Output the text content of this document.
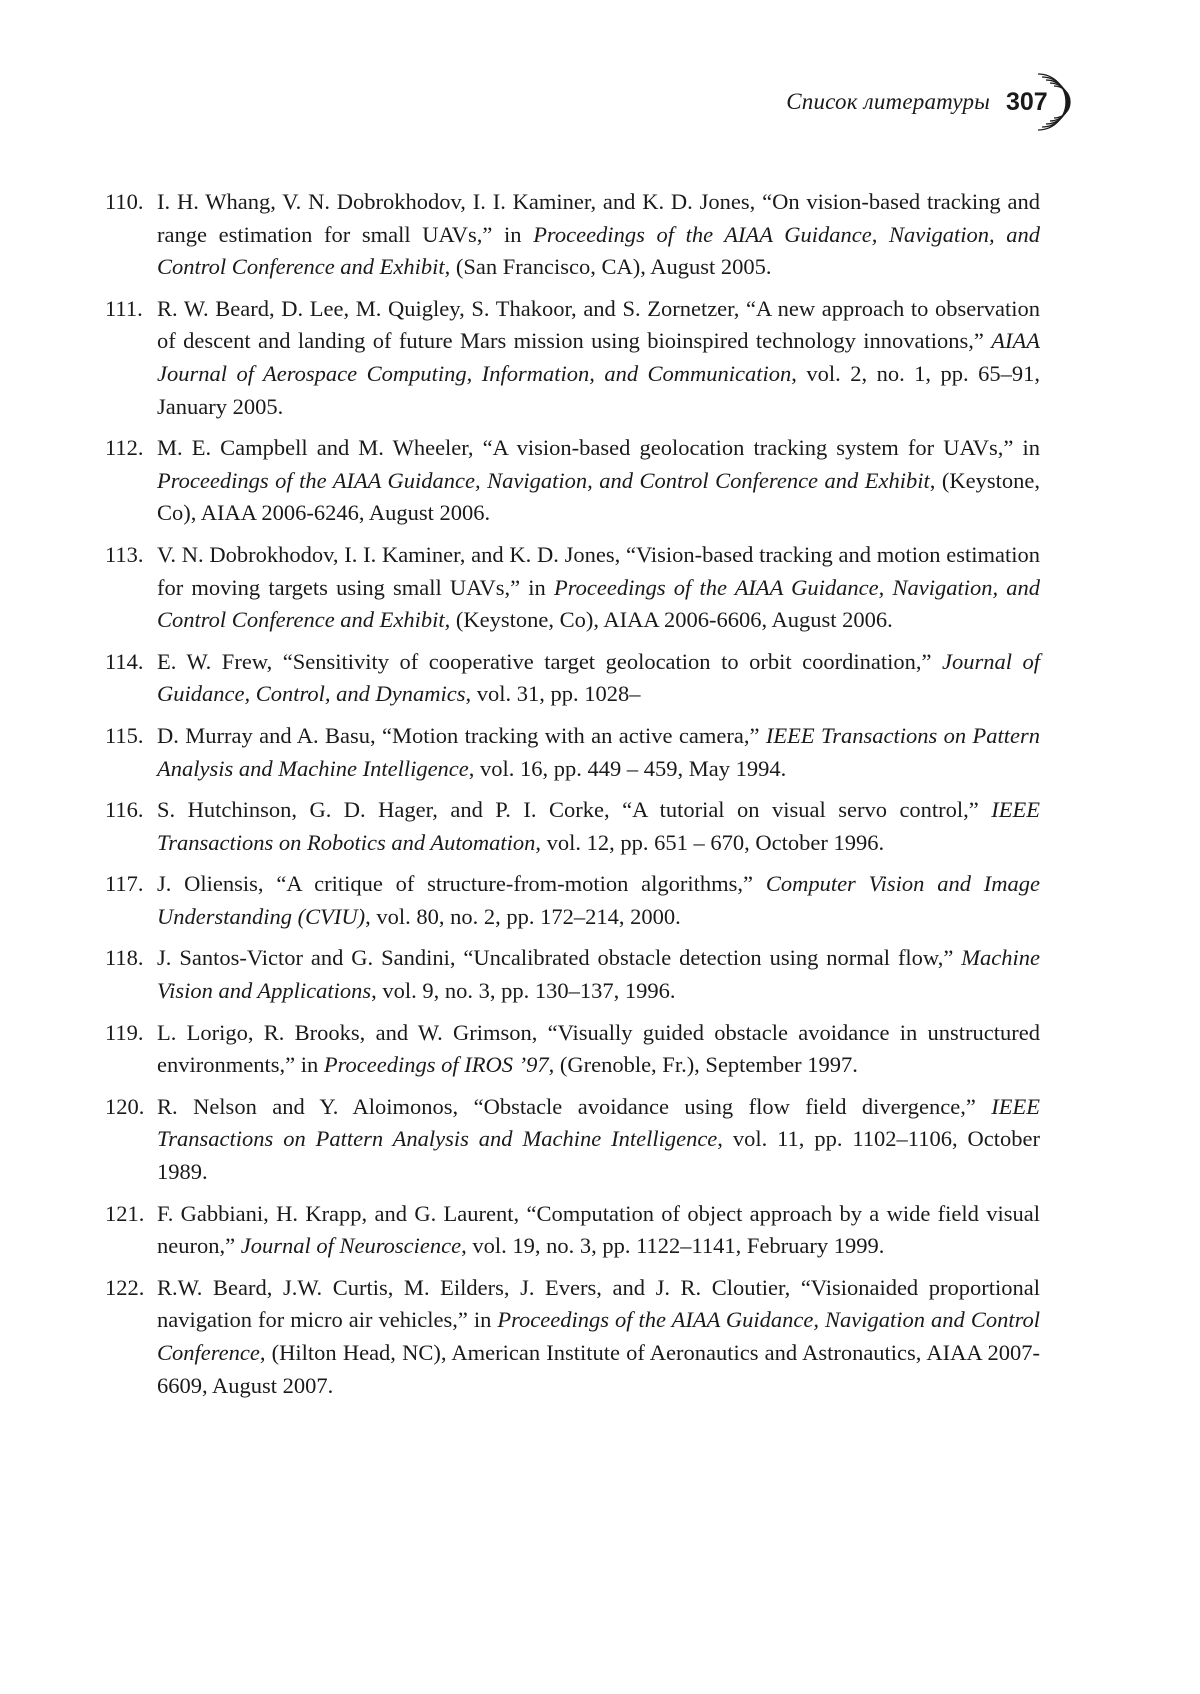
Список литературы 307
110. I. H. Whang, V. N. Dobrokhodov, I. I. Kaminer, and K. D. Jones, “On vision-based tracking and range estimation for small UAVs,” in Proceedings of the AIAA Guidance, Navigation, and Control Conference and Exhibit, (San Francisco, CA), August 2005.
111. R. W. Beard, D. Lee, M. Quigley, S. Thakoor, and S. Zornetzer, “A new approach to observation of descent and landing of future Mars mission using bioinspired technology innovations,” AIAA Journal of Aerospace Computing, Information, and Communication, vol. 2, no. 1, pp. 65–91, January 2005.
112. M. E. Campbell and M. Wheeler, “A vision-based geolocation tracking system for UAVs,” in Proceedings of the AIAA Guidance, Navigation, and Control Conference and Exhibit, (Keystone, Co), AIAA 2006-6246, August 2006.
113. V. N. Dobrokhodov, I. I. Kaminer, and K. D. Jones, “Vision-based tracking and motion estimation for moving targets using small UAVs,” in Proceedings of the AIAA Guidance, Navigation, and Control Conference and Exhibit, (Keystone, Co), AIAA 2006-6606, August 2006.
114. E. W. Frew, “Sensitivity of cooperative target geolocation to orbit coordination,” Journal of Guidance, Control, and Dynamics, vol. 31, pp. 1028–
115. D. Murray and A. Basu, “Motion tracking with an active camera,” IEEE Transactions on Pattern Analysis and Machine Intelligence, vol. 16, pp. 449 – 459, May 1994.
116. S. Hutchinson, G. D. Hager, and P. I. Corke, “A tutorial on visual servo control,” IEEE Transactions on Robotics and Automation, vol. 12, pp. 651 – 670, October 1996.
117. J. Oliensis, “A critique of structure-from-motion algorithms,” Computer Vision and Image Understanding (CVIU), vol. 80, no. 2, pp. 172–214, 2000.
118. J. Santos-Victor and G. Sandini, “Uncalibrated obstacle detection using normal flow,” Machine Vision and Applications, vol. 9, no. 3, pp. 130–137, 1996.
119. L. Lorigo, R. Brooks, and W. Grimson, “Visually guided obstacle avoidance in unstructured environments,” in Proceedings of IROS ’97, (Grenoble, Fr.), September 1997.
120. R. Nelson and Y. Aloimonos, “Obstacle avoidance using flow field divergence,” IEEE Transactions on Pattern Analysis and Machine Intelligence, vol. 11, pp. 1102–1106, October 1989.
121. F. Gabbiani, H. Krapp, and G. Laurent, “Computation of object approach by a wide field visual neuron,” Journal of Neuroscience, vol. 19, no. 3, pp. 1122–1141, February 1999.
122. R.W. Beard, J.W. Curtis, M. Eilders, J. Evers, and J. R. Cloutier, “Visionaided proportional navigation for micro air vehicles,” in Proceedings of the AIAA Guidance, Navigation and Control Conference, (Hilton Head, NC), American Institute of Aeronautics and Astronautics, AIAA 2007-6609, August 2007.
